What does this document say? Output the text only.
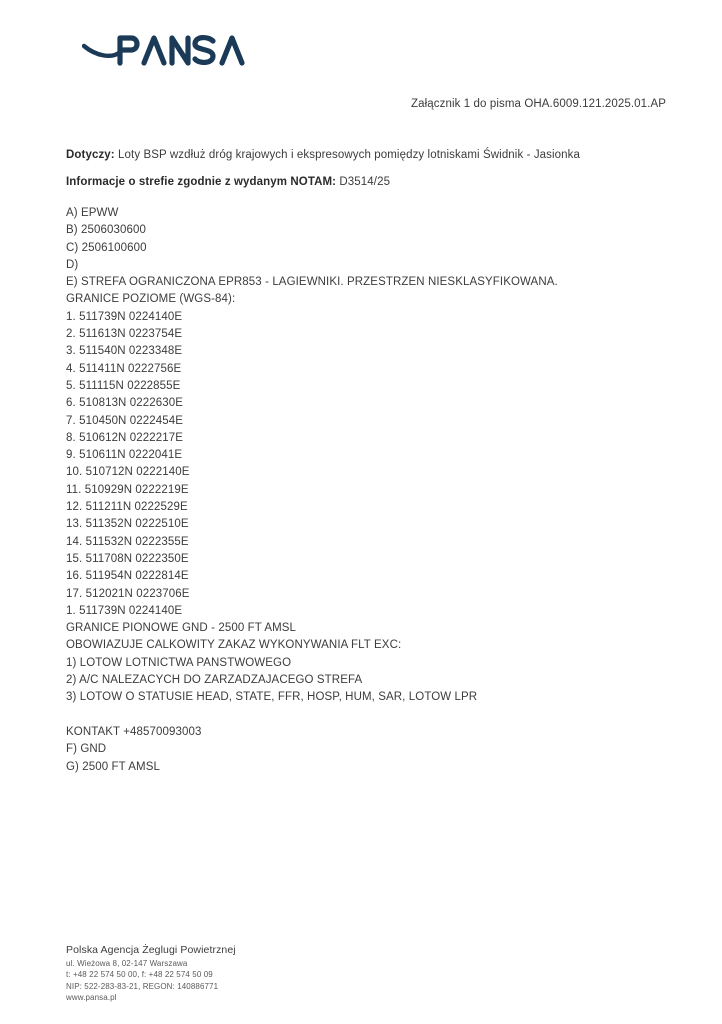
Załącznik 1 do pisma OHA.6009.121.2025.01.AP
Dotyczy: Loty BSP wzdłuż dróg krajowych i ekspresowych pomiędzy lotniskami Świdnik - Jasionka
Informacje o strefie zgodnie z wydanym NOTAM: D3514/25
A) EPWW
B) 2506030600
C) 2506100600
D)
E) STREFA OGRANICZONA EPR853 - LAGIEWNIKI. PRZESTRZEN NIESKLASYFIKOWANA.
GRANICE POZIOME (WGS-84):
1. 511739N 0224140E
2. 511613N 0223754E
3. 511540N 0223348E
4. 511411N 0222756E
5. 511115N 0222855E
6. 510813N 0222630E
7. 510450N 0222454E
8. 510612N 0222217E
9. 510611N 0222041E
10. 510712N 0222140E
11. 510929N 0222219E
12. 511211N 0222529E
13. 511352N 0222510E
14. 511532N 0222355E
15. 511708N 0222350E
16. 511954N 0222814E
17. 512021N 0223706E
1. 511739N 0224140E
GRANICE PIONOWE GND - 2500 FT AMSL
OBOWIAZUJE CALKOWITY ZAKAZ WYKONYWANIA FLT EXC:
1) LOTOW LOTNICTWA PANSTWOWEGO
2) A/C NALEZACYCH DO ZARZADZAJACEGO STREFA
3) LOTOW O STATUSIE HEAD, STATE, FFR, HOSP, HUM, SAR, LOTOW LPR
KONTAKT +48570093003
F) GND
G) 2500 FT AMSL
Polska Agencja Żeglugi Powietrznej
ul. Wieżowa 8, 02-147 Warszawa
t: +48 22 574 50 00, f: +48 22 574 50 09
NIP: 522-283-83-21, REGON: 140886771
www.pansa.pl
